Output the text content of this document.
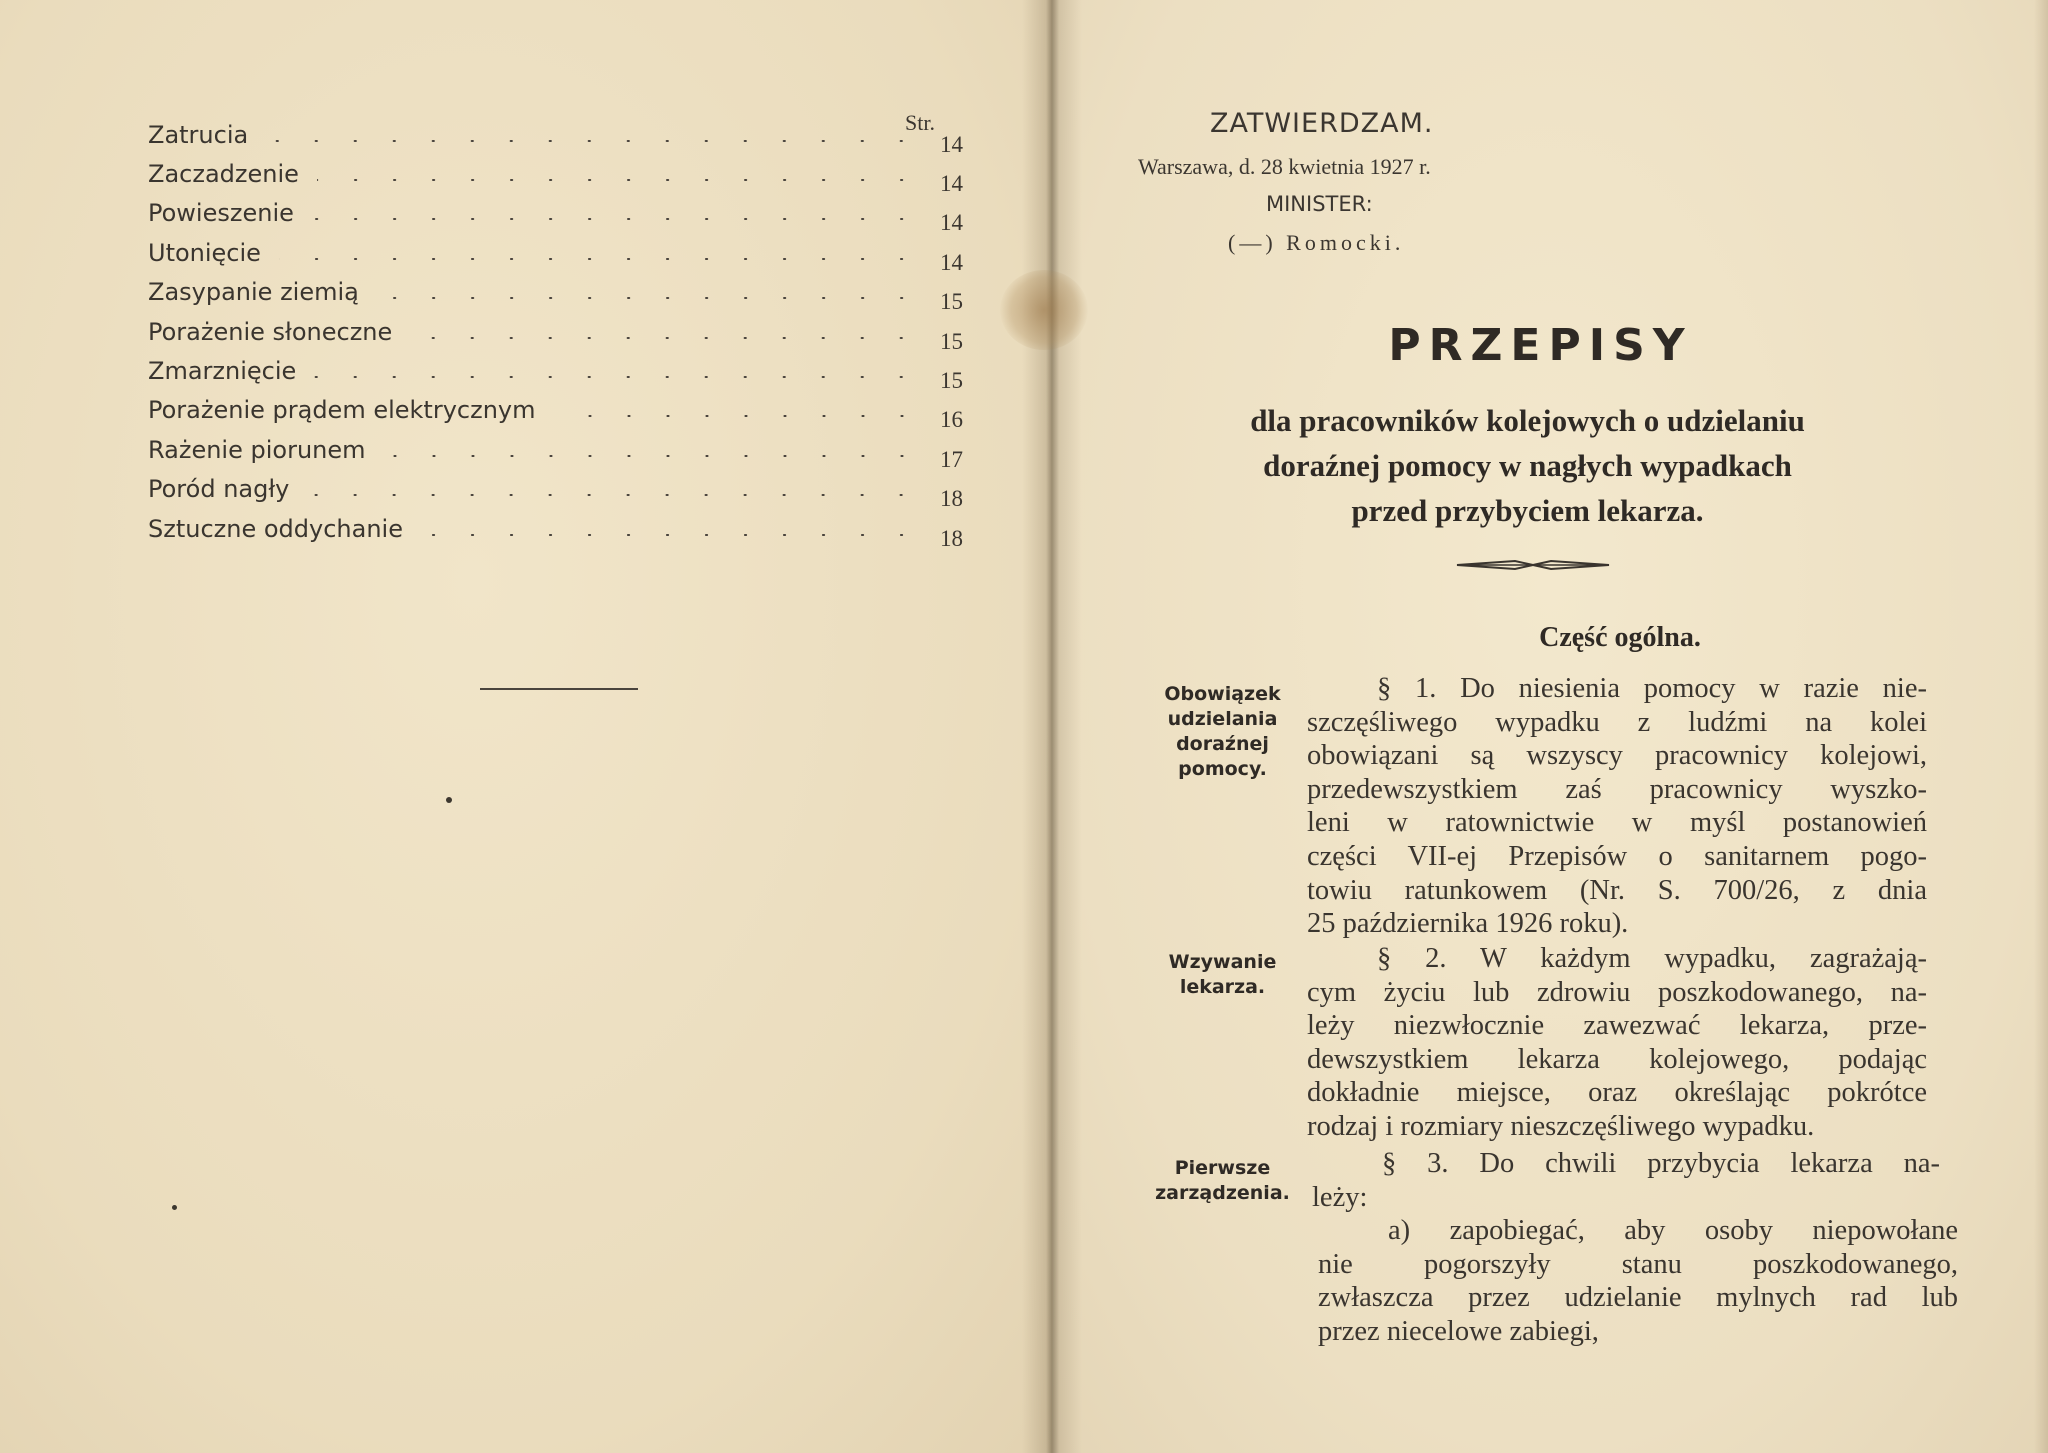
Str.
Zatrucia	14
Zaczadzenie	14
Powieszenie	14
Utonięcie	14
Zasypanie ziemią	15
Porażenie słoneczne	15
Zmarznięcie	15
Porażenie prądem elektrycznym	16
Rażenie piorunem	17
Poród nagły	18
Sztuczne oddychanie	18
ZATWIERDZAM.
Warszawa, d. 28 kwietnia 1927 r.
MINISTER:
(—) Romocki.
PRZEPISY
dla pracowników kolejowych o udzielaniu
doraźnej pomocy w nagłych wypadkach
przed przybyciem lekarza.
Część ogólna.
Obowiązek
udzielania
doraźnej
pomocy.
Wzywanie
lekarza.
Pierwsze
zarządzenia.
§ 1. Do niesienia pomocy w razie nie-
szczęśliwego wypadku z ludźmi na kolei
obowiązani są wszyscy pracownicy kolejowi,
przedewszystkiem zaś pracownicy wyszko-
leni w ratownictwie w myśl postanowień
części VII-ej Przepisów o sanitarnem pogo-
towiu ratunkowem (Nr. S. 700/26, z dnia
25 października 1926 roku).
§ 2. W każdym wypadku, zagrażają-
cym życiu lub zdrowiu poszkodowanego, na-
leży niezwłocznie zawezwać lekarza, prze-
dewszystkiem lekarza kolejowego, podając
dokładnie miejsce, oraz określając pokrótce
rodzaj i rozmiary nieszczęśliwego wypadku.
§ 3. Do chwili przybycia lekarza na-
leży:
a) zapobiegać, aby osoby niepowołane
nie pogorszyły stanu poszkodowanego,
zwłaszcza przez udzielanie mylnych rad lub
przez niecelowe zabiegi,
